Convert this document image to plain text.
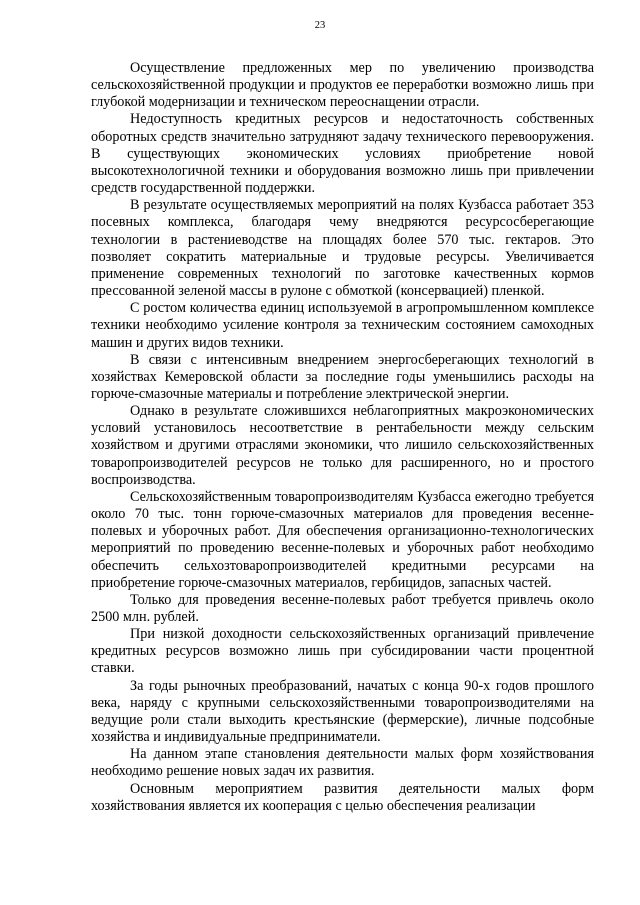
23

Осуществление предложенных мер по увеличению производства сельскохозяйственной продукции и продуктов ее переработки возможно лишь при глубокой модернизации и техническом переоснащении отрасли.

Недоступность кредитных ресурсов и недостаточность собственных оборотных средств значительно затрудняют задачу технического перевооружения. В существующих экономических условиях приобретение новой высокотехнологичной техники и оборудования возможно лишь при привлечении средств государственной поддержки.

В результате осуществляемых мероприятий на полях Кузбасса работает 353 посевных комплекса, благодаря чему внедряются ресурсосберегающие технологии в растениеводстве на площадях более 570 тыс. гектаров. Это позволяет сократить материальные и трудовые ресурсы. Увеличивается применение современных технологий по заготовке качественных кормов прессованной зеленой массы в рулоне с обмоткой (консервацией) пленкой.

С ростом количества единиц используемой в агропромышленном комплексе техники необходимо усиление контроля за техническим состоянием самоходных машин и других видов техники.

В связи с интенсивным внедрением энергосберегающих технологий в хозяйствах Кемеровской области за последние годы уменьшились расходы на горюче-смазочные материалы и потребление электрической энергии.

Однако в результате сложившихся неблагоприятных макроэкономических условий установилось несоответствие в рентабельности между сельским хозяйством и другими отраслями экономики, что лишило сельскохозяйственных товаропроизводителей ресурсов не только для расширенного, но и простого воспроизводства.

Сельскохозяйственным товаропроизводителям Кузбасса ежегодно требуется около 70 тыс. тонн горюче-смазочных материалов для проведения весенне-полевых и уборочных работ. Для обеспечения организационно-технологических мероприятий по проведению весенне-полевых и уборочных работ необходимо обеспечить сельхозтоваропроизводителей кредитными ресурсами на приобретение горюче-смазочных материалов, гербицидов, запасных частей.

Только для проведения весенне-полевых работ требуется привлечь около 2500 млн. рублей.

При низкой доходности сельскохозяйственных организаций привлечение кредитных ресурсов возможно лишь при субсидировании части процентной ставки.

За годы рыночных преобразований, начатых с конца 90-х годов прошлого века, наряду с крупными сельскохозяйственными товаропроизводителями на ведущие роли стали выходить крестьянские (фермерские), личные подсобные хозяйства и индивидуальные предприниматели.

На данном этапе становления деятельности малых форм хозяйствования необходимо решение новых задач их развития.

Основным мероприятием развития деятельности малых форм хозяйствования является их кооперация с целью обеспечения реализации
